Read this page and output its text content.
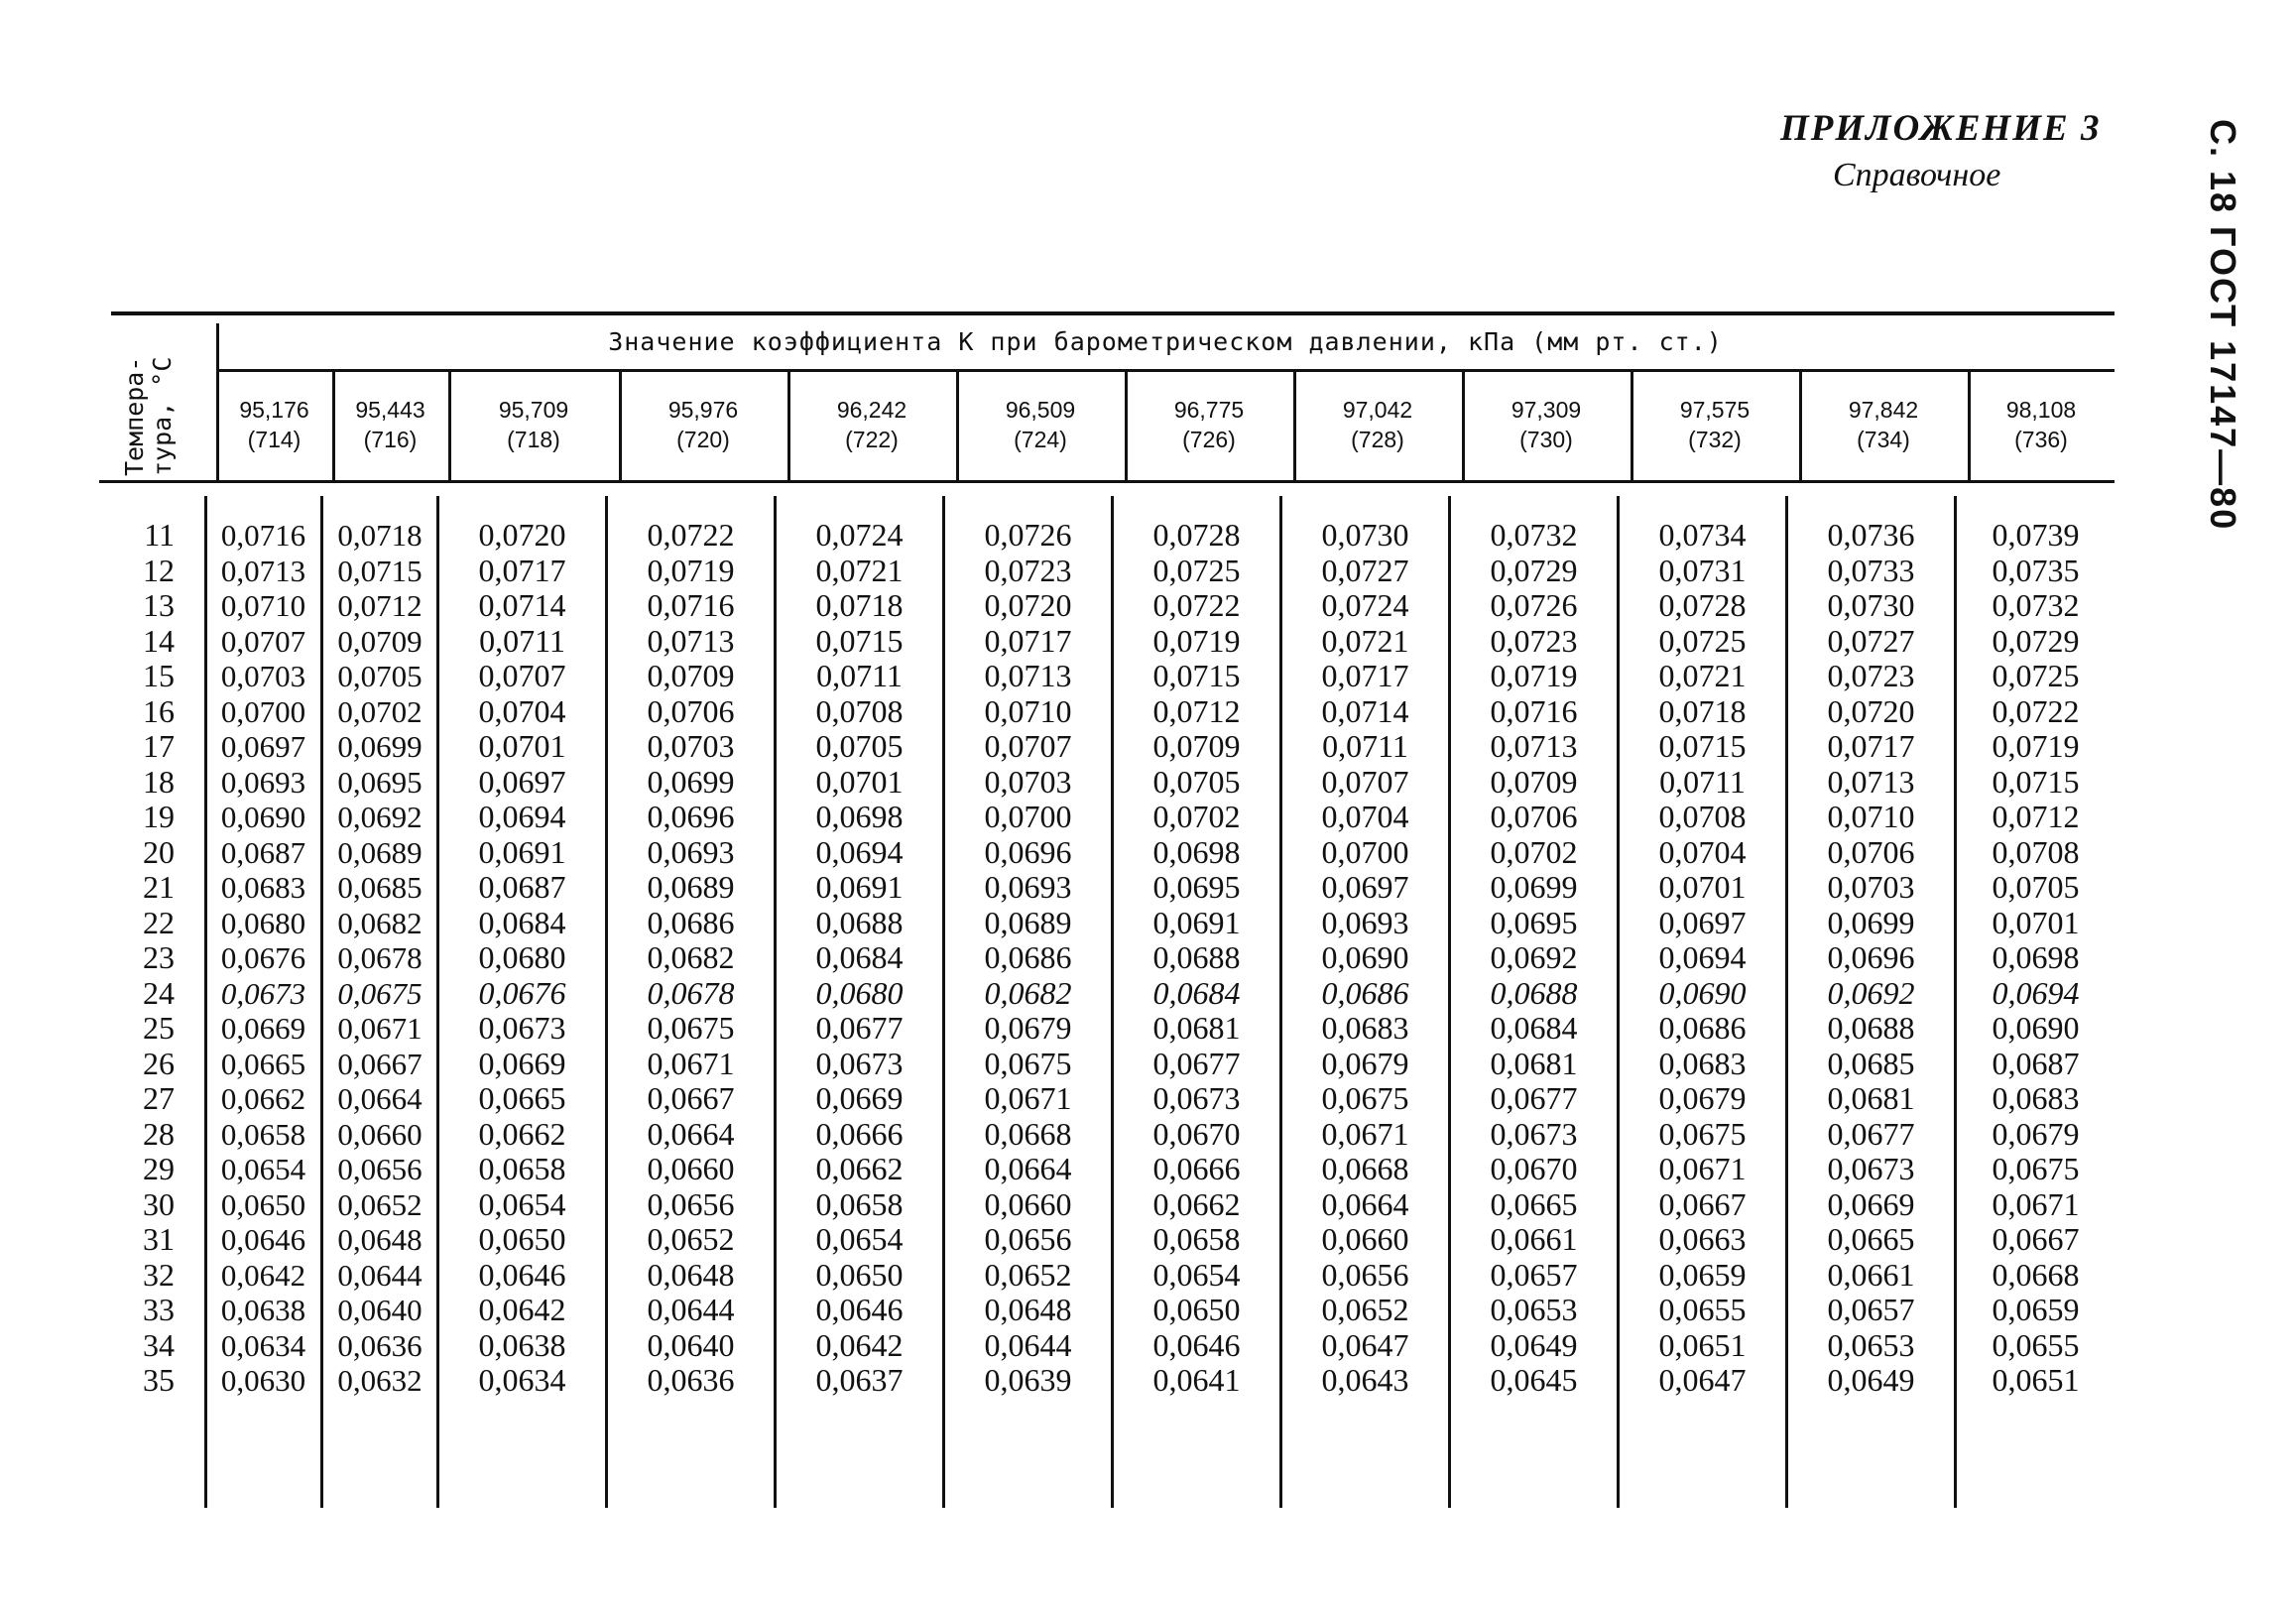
ПРИЛОЖЕНИЕ 3
Справочное	С. 18 ГОСТ 17147—80
Темпера- тура, °С
Значение коэффициента К при барометрическом давлении, кПа (мм рт. ст.)
95,176
(714)
95,443
(716)
95,709
(718)
95,976
(720)
96,242
(722)
96,509
(724)
96,775
(726)
97,042
(728)
97,309
(730)
97,575
(732)
97,842
(734)
98,108
(736)
11
12
13
14
15
16
17
18
19
20
21
22
23
24
25
26
27
28
29
30
31
32
33
34
35
0,0716
0,0713
0,0710
0,0707
0,0703
0,0700
0,0697
0,0693
0,0690
0,0687
0,0683
0,0680
0,0676
0,0673
0,0669
0,0665
0,0662
0,0658
0,0654
0,0650
0,0646
0,0642
0,0638
0,0634
0,0630
0,0718
0,0715
0,0712
0,0709
0,0705
0,0702
0,0699
0,0695
0,0692
0,0689
0,0685
0,0682
0,0678
0,0675
0,0671
0,0667
0,0664
0,0660
0,0656
0,0652
0,0648
0,0644
0,0640
0,0636
0,0632
0,0720
0,0717
0,0714
0,0711
0,0707
0,0704
0,0701
0,0697
0,0694
0,0691
0,0687
0,0684
0,0680
0,0676
0,0673
0,0669
0,0665
0,0662
0,0658
0,0654
0,0650
0,0646
0,0642
0,0638
0,0634
0,0722
0,0719
0,0716
0,0713
0,0709
0,0706
0,0703
0,0699
0,0696
0,0693
0,0689
0,0686
0,0682
0,0678
0,0675
0,0671
0,0667
0,0664
0,0660
0,0656
0,0652
0,0648
0,0644
0,0640
0,0636
0,0724
0,0721
0,0718
0,0715
0,0711
0,0708
0,0705
0,0701
0,0698
0,0694
0,0691
0,0688
0,0684
0,0680
0,0677
0,0673
0,0669
0,0666
0,0662
0,0658
0,0654
0,0650
0,0646
0,0642
0,0637
0,0726
0,0723
0,0720
0,0717
0,0713
0,0710
0,0707
0,0703
0,0700
0,0696
0,0693
0,0689
0,0686
0,0682
0,0679
0,0675
0,0671
0,0668
0,0664
0,0660
0,0656
0,0652
0,0648
0,0644
0,0639
0,0728
0,0725
0,0722
0,0719
0,0715
0,0712
0,0709
0,0705
0,0702
0,0698
0,0695
0,0691
0,0688
0,0684
0,0681
0,0677
0,0673
0,0670
0,0666
0,0662
0,0658
0,0654
0,0650
0,0646
0,0641
0,0730
0,0727
0,0724
0,0721
0,0717
0,0714
0,0711
0,0707
0,0704
0,0700
0,0697
0,0693
0,0690
0,0686
0,0683
0,0679
0,0675
0,0671
0,0668
0,0664
0,0660
0,0656
0,0652
0,0647
0,0643
0,0732
0,0729
0,0726
0,0723
0,0719
0,0716
0,0713
0,0709
0,0706
0,0702
0,0699
0,0695
0,0692
0,0688
0,0684
0,0681
0,0677
0,0673
0,0670
0,0665
0,0661
0,0657
0,0653
0,0649
0,0645
0,0734
0,0731
0,0728
0,0725
0,0721
0,0718
0,0715
0,0711
0,0708
0,0704
0,0701
0,0697
0,0694
0,0690
0,0686
0,0683
0,0679
0,0675
0,0671
0,0667
0,0663
0,0659
0,0655
0,0651
0,0647
0,0736
0,0733
0,0730
0,0727
0,0723
0,0720
0,0717
0,0713
0,0710
0,0706
0,0703
0,0699
0,0696
0,0692
0,0688
0,0685
0,0681
0,0677
0,0673
0,0669
0,0665
0,0661
0,0657
0,0653
0,0649
0,0739
0,0735
0,0732
0,0729
0,0725
0,0722
0,0719
0,0715
0,0712
0,0708
0,0705
0,0701
0,0698
0,0694
0,0690
0,0687
0,0683
0,0679
0,0675
0,0671
0,0667
0,0668
0,0659
0,0655
0,0651
